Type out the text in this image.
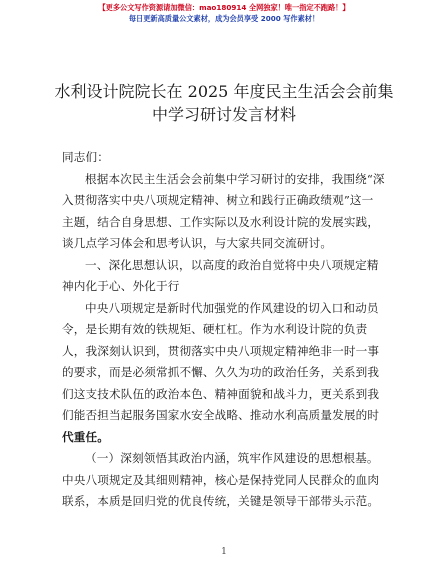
【更多公文写作资源请加微信：mao180914 全网独家！唯一指定不跑路！】
每日更新高质量公文素材，成为会员享受 2000 写作素材！
水利设计院院长在 2025 年度民主生活会会前集
中学习研讨发言材料
同志们：
根据本次民主生活会会前集中学习研讨的安排，我围绕“深
入贯彻落实中央八项规定精神、树立和践行正确政绩观”这一
主题，结合自身思想、工作实际以及水利设计院的发展实践，
谈几点学习体会和思考认识，与大家共同交流研讨。
一、深化思想认识，以高度的政治自觉将中央八项规定精
神内化于心、外化于行
中央八项规定是新时代加强党的作风建设的切入口和动员
令，是长期有效的铁规矩、硬杠杠。作为水利设计院的负责
人，我深刻认识到，贯彻落实中央八项规定精神绝非一时一事
的要求，而是必须常抓不懈、久久为功的政治任务，关系到我
们这支技术队伍的政治本色、精神面貌和战斗力，更关系到我
们能否担当起服务国家水安全战略、推动水利高质量发展的时
代重任。
（一）深刻领悟其政治内涵，筑牢作风建设的思想根基。
中央八项规定及其细则精神，核心是保持党同人民群众的血肉
联系，本质是回归党的优良传统，关键是领导干部带头示范。
1
